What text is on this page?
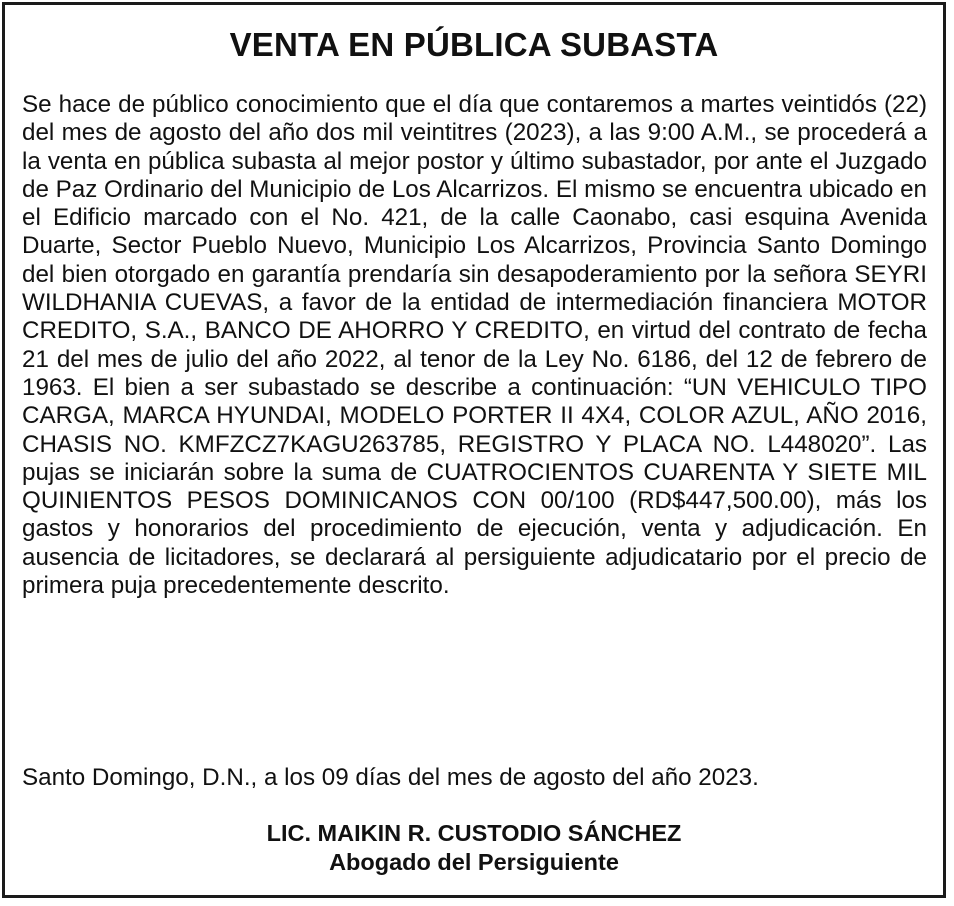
VENTA EN PÚBLICA SUBASTA

Se hace de público conocimiento que el día que contaremos a martes veintidós (22) del mes de agosto del año dos mil veintitres (2023), a las 9:00 A.M., se procederá a la venta en pública subasta al mejor postor y último subastador, por ante el Juzgado de Paz Ordinario del Municipio de Los Alcarrizos. El mismo se encuentra ubicado en el Edificio marcado con el No. 421, de la calle Caonabo, casi esquina Avenida Duarte, Sector Pueblo Nuevo, Municipio Los Alcarrizos, Provincia Santo Domingo del bien otorgado en garantía prendaría sin desapoderamiento por la señora SEYRI WILDHANIA CUEVAS, a favor de la entidad de intermediación financiera MOTOR CREDITO, S.A., BANCO DE AHORRO Y CREDITO, en virtud del contrato de fecha 21 del mes de julio del año 2022, al tenor de la Ley No. 6186, del 12 de febrero de 1963. El bien a ser subastado se describe a continuación: “UN VEHICULO TIPO CARGA, MARCA HYUNDAI, MODELO PORTER II 4X4, COLOR AZUL, AÑO 2016, CHASIS NO. KMFZCZ7KAGU263785, REGISTRO Y PLACA NO. L448020”. Las pujas se iniciarán sobre la suma de CUATROCIENTOS CUARENTA Y SIETE MIL QUINIENTOS PESOS DOMINICANOS CON 00/100 (RD$447,500.00), más los gastos y honorarios del procedimiento de ejecución, venta y adjudicación. En ausencia de licitadores, se declarará al persiguiente adjudicatario por el precio de primera puja precedentemente descrito.

Santo Domingo, D.N., a los 09 días del mes de agosto del año 2023.

LIC. MAIKIN R. CUSTODIO SÁNCHEZ
Abogado del Persiguiente
